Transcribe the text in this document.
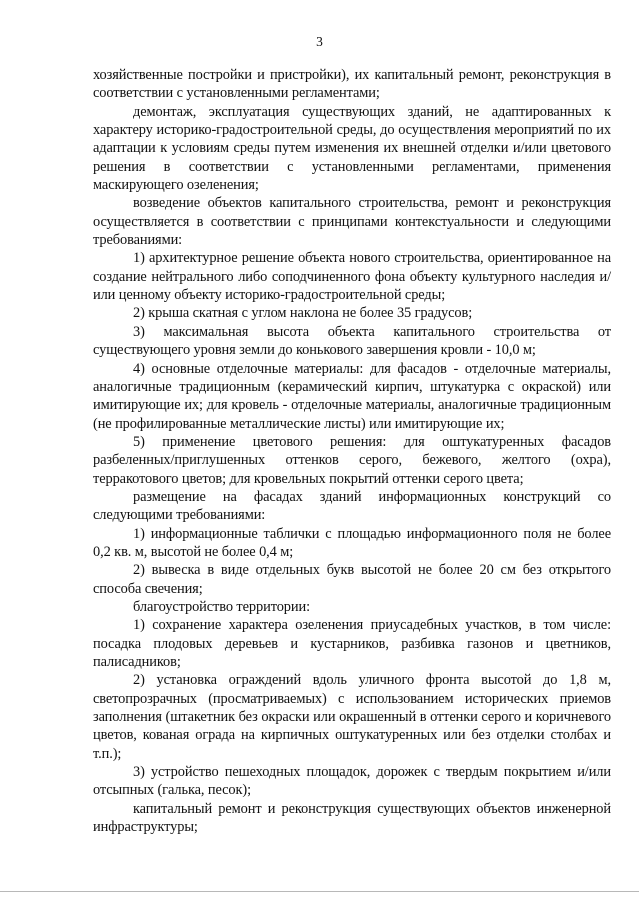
3

хозяйственные постройки и пристройки), их капитальный ремонт, реконструкция в соответствии с установленными регламентами;

демонтаж, эксплуатация существующих зданий, не адаптированных к характеру историко-градостроительной среды, до осуществления мероприятий по их адаптации к условиям среды путем изменения их внешней отделки и/или цветового решения в соответствии с установленными регламентами, применения маскирующего озеленения;

возведение объектов капитального строительства, ремонт и реконструкция осуществляется в соответствии с принципами контекстуальности и следующими требованиями:

1) архитектурное решение объекта нового строительства, ориентированное на создание нейтрального либо соподчиненного фона объекту культурного наследия и/или ценному объекту историко-градостроительной среды;

2) крыша скатная с углом наклона не более 35 градусов;

3) максимальная высота объекта капитального строительства от существующего уровня земли до конькового завершения кровли - 10,0 м;

4) основные отделочные материалы: для фасадов - отделочные материалы, аналогичные традиционным (керамический кирпич, штукатурка с окраской) или имитирующие их; для кровель - отделочные материалы, аналогичные традиционным (не профилированные металлические листы) или имитирующие их;

5) применение цветового решения: для оштукатуренных фасадов разбеленных/приглушенных оттенков серого, бежевого, желтого (охра), терракотового цветов; для кровельных покрытий оттенки серого цвета;

размещение на фасадах зданий информационных конструкций со следующими требованиями:

1) информационные таблички с площадью информационного поля не более 0,2 кв. м, высотой не более 0,4 м;

2) вывеска в виде отдельных букв высотой не более 20 см без открытого способа свечения;

благоустройство территории:

1) сохранение характера озеленения приусадебных участков, в том числе: посадка плодовых деревьев и кустарников, разбивка газонов и цветников, палисадников;

2) установка ограждений вдоль уличного фронта высотой до 1,8 м, светопрозрачных (просматриваемых) с использованием исторических приемов заполнения (штакетник без окраски или окрашенный в оттенки серого и коричневого цветов, кованая ограда на кирпичных оштукатуренных или без отделки столбах и т.п.);

3) устройство пешеходных площадок, дорожек с твердым покрытием и/или отсыпных (галька, песок);

капитальный ремонт и реконструкция существующих объектов инженерной инфраструктуры;
